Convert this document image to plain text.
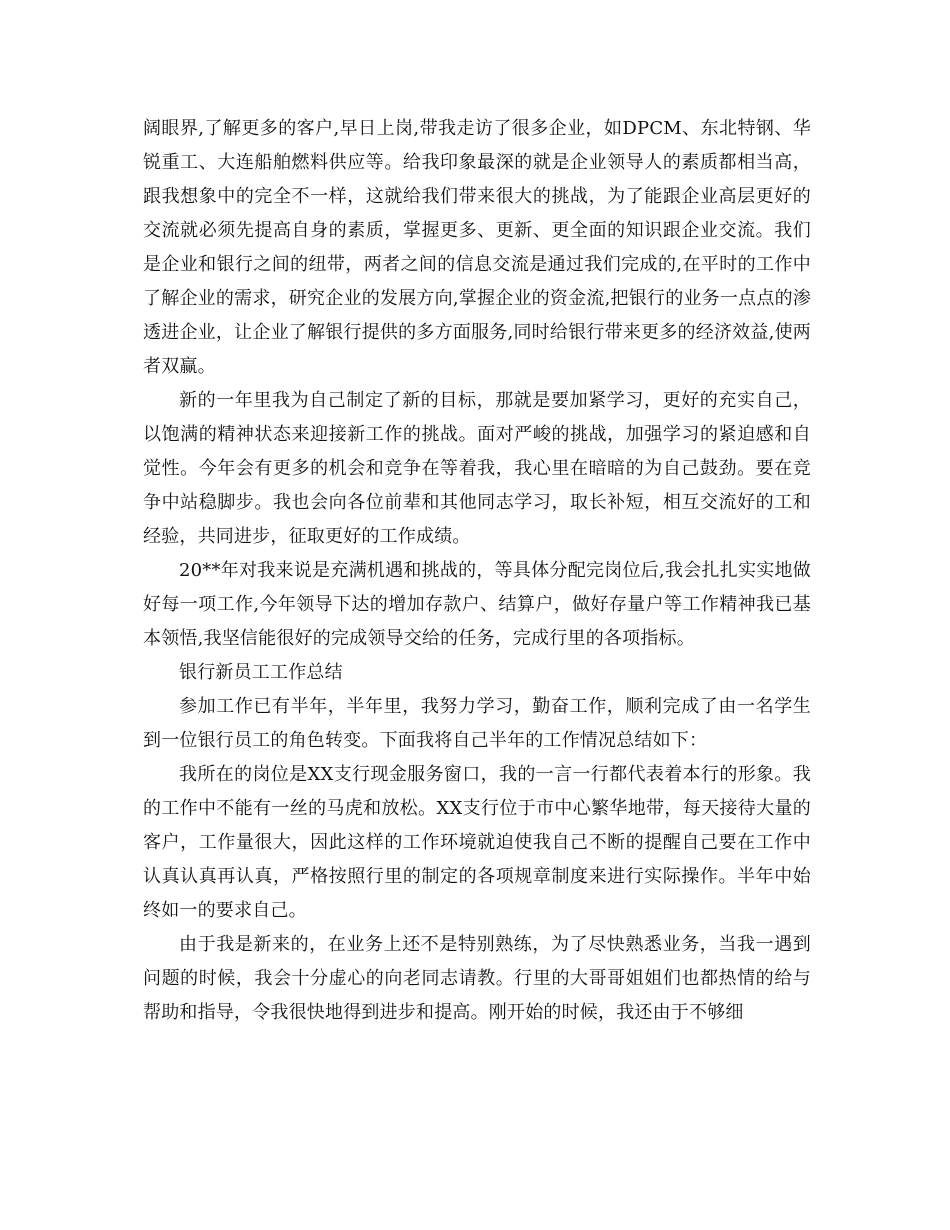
阔眼界,了解更多的客户,早日上岗,带我走访了很多企业，如DPCM、东北特钢、华锐重工、大连船舶燃料供应等。给我印象最深的就是企业领导人的素质都相当高，跟我想象中的完全不一样，这就给我们带来很大的挑战，为了能跟企业高层更好的交流就必须先提高自身的素质，掌握更多、更新、更全面的知识跟企业交流。我们是企业和银行之间的纽带，两者之间的信息交流是通过我们完成的,在平时的工作中了解企业的需求，研究企业的发展方向,掌握企业的资金流,把银行的业务一点点的渗透进企业，让企业了解银行提供的多方面服务,同时给银行带来更多的经济效益,使两者双赢。

新的一年里我为自己制定了新的目标，那就是要加紧学习，更好的充实自己，以饱满的精神状态来迎接新工作的挑战。面对严峻的挑战，加强学习的紧迫感和自觉性。今年会有更多的机会和竞争在等着我，我心里在暗暗的为自己鼓劲。要在竞争中站稳脚步。我也会向各位前辈和其他同志学习，取长补短，相互交流好的工和经验，共同进步，征取更好的工作成绩。

20**年对我来说是充满机遇和挑战的，等具体分配完岗位后,我会扎扎实实地做好每一项工作,今年领导下达的增加存款户、结算户，做好存量户等工作精神我已基本领悟,我坚信能很好的完成领导交给的任务，完成行里的各项指标。

银行新员工工作总结

参加工作已有半年，半年里，我努力学习，勤奋工作，顺利完成了由一名学生到一位银行员工的角色转变。下面我将自己半年的工作情况总结如下：

我所在的岗位是XX支行现金服务窗口，我的一言一行都代表着本行的形象。我的工作中不能有一丝的马虎和放松。XX支行位于市中心繁华地带，每天接待大量的客户，工作量很大，因此这样的工作环境就迫使我自己不断的提醒自己要在工作中认真认真再认真，严格按照行里的制定的各项规章制度来进行实际操作。半年中始终如一的要求自己。

由于我是新来的，在业务上还不是特别熟练，为了尽快熟悉业务，当我一遇到问题的时候，我会十分虚心的向老同志请教。行里的大哥哥姐姐们也都热情的给与帮助和指导，令我很快地得到进步和提高。刚开始的时候，我还由于不够细
